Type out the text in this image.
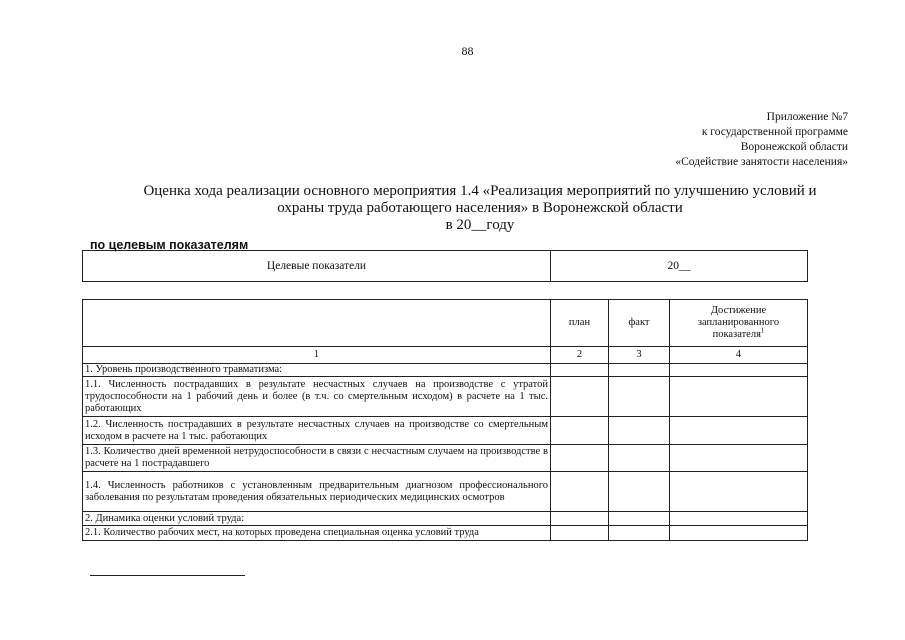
88
Приложение №7
к государственной программе
Воронежской области
«Содействие занятости населения»
Оценка хода реализации основного мероприятия 1.4 «Реализация мероприятий по улучшению условий и
охраны труда работающего населения» в Воронежской области
в 20__году
по целевым показателям
Целевые показатели	20__
	план	факт	Достижение запланированного показателя$^1$
1	2	3	4
1. Уровень производственного травматизма:			
1.1. Численность пострадавших в результате несчастных случаев на производстве с утратой трудоспособности на 1 рабочий день и более (в т.ч. со смертельным исходом) в расчете на 1 тыс. работающих			
1.2. Численность пострадавших в результате несчастных случаев на производстве со смертельным исходом в расчете на 1 тыс. работающих			
1.3. Количество дней временной нетрудоспособности в связи с несчастным случаем на производстве в расчете на 1 пострадавшего			
1.4. Численность работников с установленным предварительным диагнозом профессионального заболевания по результатам проведения обязательных периодических медицинских осмотров			
2. Динамика оценки условий труда:			
2.1. Количество рабочих мест, на которых проведена специальная оценка условий труда			
